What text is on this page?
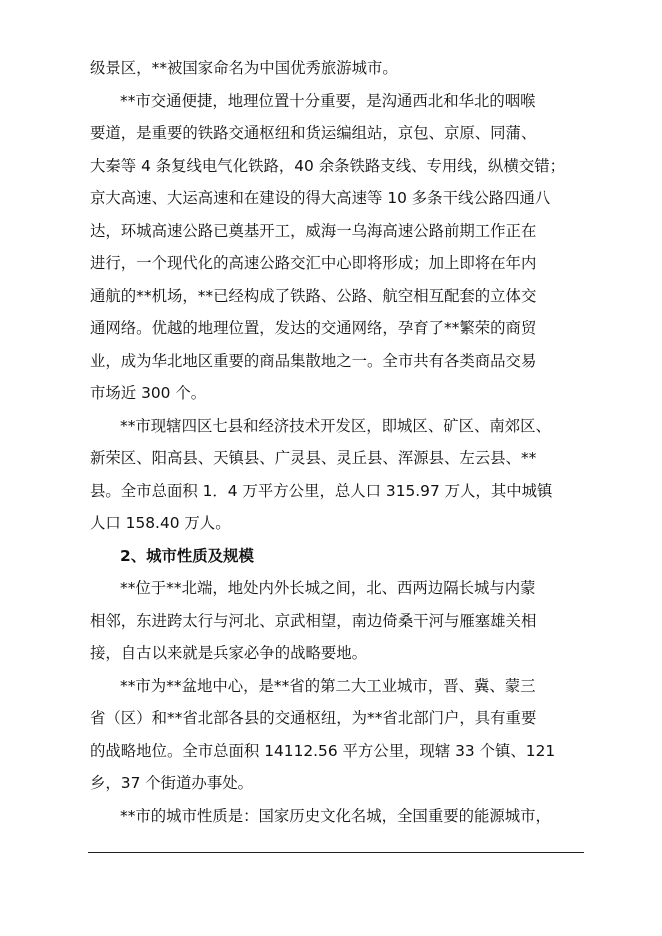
级景区，**被国家命名为中国优秀旅游城市。
**市交通便捷，地理位置十分重要，是沟通西北和华北的咽喉
要道，是重要的铁路交通枢纽和货运编组站，京包、京原、同蒲、
大秦等 4 条复线电气化铁路，40 余条铁路支线、专用线，纵横交错；
京大高速、大运高速和在建设的得大高速等 10 多条干线公路四通八
达，环城高速公路已奠基开工，威海一乌海高速公路前期工作正在
进行，一个现代化的高速公路交汇中心即将形成；加上即将在年内
通航的**机场，**已经构成了铁路、公路、航空相互配套的立体交
通网络。优越的地理位置，发达的交通网络，孕育了**繁荣的商贸
业，成为华北地区重要的商品集散地之一。全市共有各类商品交易
市场近 300 个。
**市现辖四区七县和经济技术开发区，即城区、矿区、南郊区、
新荣区、阳高县、天镇县、广灵县、灵丘县、浑源县、左云县、**
县。全市总面积 1．4 万平方公里，总人口 315.97 万人，其中城镇
人口 158.40 万人。
2、城市性质及规模
**位于**北端，地处内外长城之间，北、西两边隔长城与内蒙
相邻，东进跨太行与河北、京武相望，南边倚桑干河与雁塞雄关相
接，自古以来就是兵家必争的战略要地。
**市为**盆地中心，是**省的第二大工业城市，晋、冀、蒙三
省（区）和**省北部各县的交通枢纽，为**省北部门户，具有重要
的战略地位。全市总面积 14112.56 平方公里，现辖 33 个镇、121
乡，37 个街道办事处。
**市的城市性质是：国家历史文化名城，全国重要的能源城市，
